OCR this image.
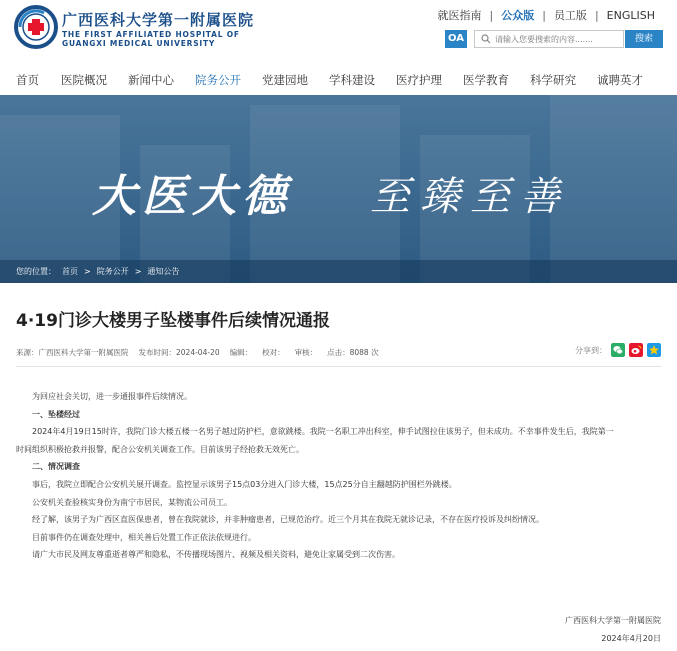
广西医科大学第一附属医院
THE FIRST AFFILIATED HOSPITAL OF
GUANGXI MEDICAL UNIVERSITY
就医指南 | 公众版 | 员工版 | ENGLISH
OA
请输入您要搜索的内容.......	搜索
首页 医院概况 新闻中心 院务公开 党建园地 学科建设 医疗护理 医学教育 科学研究 诚聘英才
大医大德 至臻至善
您的位置： 首页 > 院务公开 > 通知公告
4·19门诊大楼男子坠楼事件后续情况通报
来源：广西医科大学第一附属医院 发布时间：2024-04-20 编辑： 校对： 审核： 点击：8088 次	分享到：

为回应社会关切，进一步通报事件后续情况。

一、坠楼经过

2024年4月19日15时许，我院门诊大楼五楼一名男子越过防护栏，意欲跳楼。我院一名职工冲出科室，伸手试图拉住该男子，但未成功。不幸事件发生后，我院第一

时间组织积极抢救并报警，配合公安机关调查工作。目前该男子经抢救无效死亡。

二、情况调查

事后，我院立即配合公安机关展开调查。监控显示该男子15点03分进入门诊大楼，15点25分自主翻越防护围栏外跳楼。

公安机关查验核实身份为南宁市居民，某物流公司员工。

经了解，该男子为广西区直医保患者，曾在我院就诊，并非肿瘤患者，已规范治疗。近三个月其在我院无就诊记录，不存在医疗投诉及纠纷情况。

目前事件仍在调查处理中，相关善后处置工作正依法依规进行。

请广大市民及网友尊重逝者尊严和隐私，不传播现场图片、视频及相关资料，避免让家属受到二次伤害。

广西医科大学第一附属医院
2024年4月20日
